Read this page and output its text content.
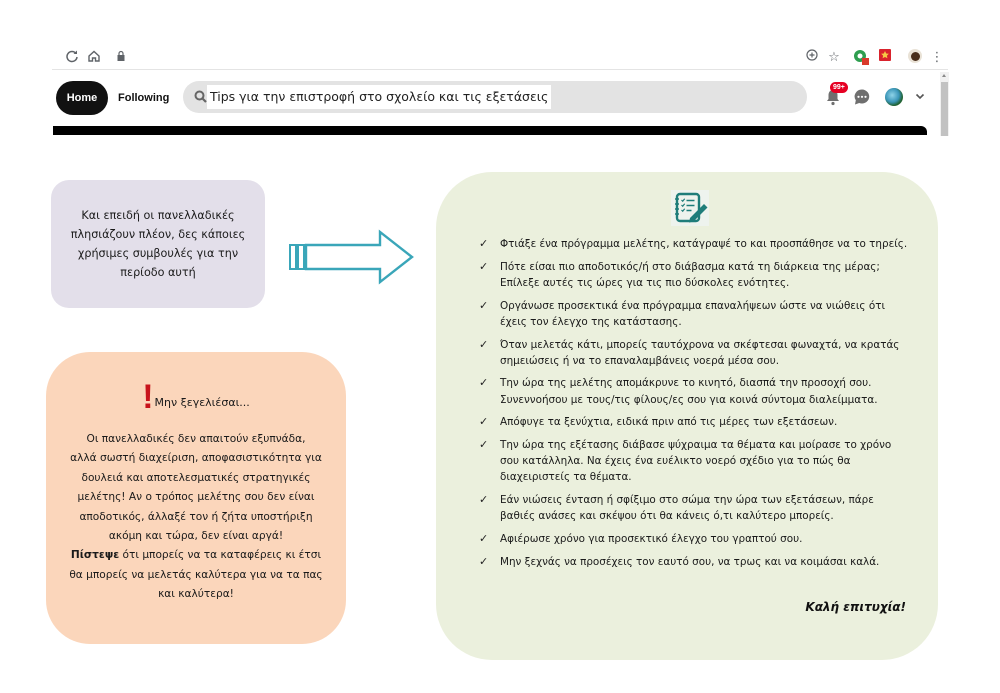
☆	⋮
Home	Following	Tips για την επιστροφή στο σχολείο και τις εξετάσεις
99+
Και επειδή οι πανελλαδικές πλησιάζουν πλέον, δες κάποιες χρήσιμες συμβουλές για την περίοδο αυτή
! Μην ξεγελιέσαι...
Οι πανελλαδικές δεν απαιτούν εξυπνάδα,
αλλά σωστή διαχείριση, αποφασιστικότητα για
δουλειά και αποτελεσματικές στρατηγικές
μελέτης! Αν ο τρόπος μελέτης σου δεν είναι
αποδοτικός, άλλαξέ τον ή ζήτα υποστήριξη
ακόμη και τώρα, δεν είναι αργά!
Πίστεψε ότι μπορείς να τα καταφέρεις κι έτσι
θα μπορείς να μελετάς καλύτερα για να τα πας
και καλύτερα!
✓ Φτιάξε ένα πρόγραμμα μελέτης, κατάγραψέ το και προσπάθησε να το τηρείς.
✓ Πότε είσαι πιο αποδοτικός/ή στο διάβασμα κατά τη διάρκεια της μέρας; Επίλεξε αυτές τις ώρες για τις πιο δύσκολες ενότητες.
✓ Οργάνωσε προσεκτικά ένα πρόγραμμα επαναλήψεων ώστε να νιώθεις ότι έχεις τον έλεγχο της κατάστασης.
✓ Όταν μελετάς κάτι, μπορείς ταυτόχρονα να σκέφτεσαι φωναχτά, να κρατάς σημειώσεις ή να το επαναλαμβάνεις νοερά μέσα σου.
✓ Την ώρα της μελέτης απομάκρυνε το κινητό, διασπά την προσοχή σου. Συνεννοήσου με τους/τις φίλους/ες σου για κοινά σύντομα διαλείμματα.
✓ Απόφυγε τα ξενύχτια, ειδικά πριν από τις μέρες των εξετάσεων.
✓ Την ώρα της εξέτασης διάβασε ψύχραιμα τα θέματα και μοίρασε το χρόνο σου κατάλληλα. Να έχεις ένα ευέλικτο νοερό σχέδιο για το πώς θα διαχειριστείς τα θέματα.
✓ Εάν νιώσεις ένταση ή σφίξιμο στο σώμα την ώρα των εξετάσεων, πάρε βαθιές ανάσες και σκέψου ότι θα κάνεις ό,τι καλύτερο μπορείς.
✓ Αφιέρωσε χρόνο για προσεκτικό έλεγχο του γραπτού σου.
✓ Μην ξεχνάς να προσέχεις τον εαυτό σου, να τρως και να κοιμάσαι καλά.
Καλή επιτυχία!
